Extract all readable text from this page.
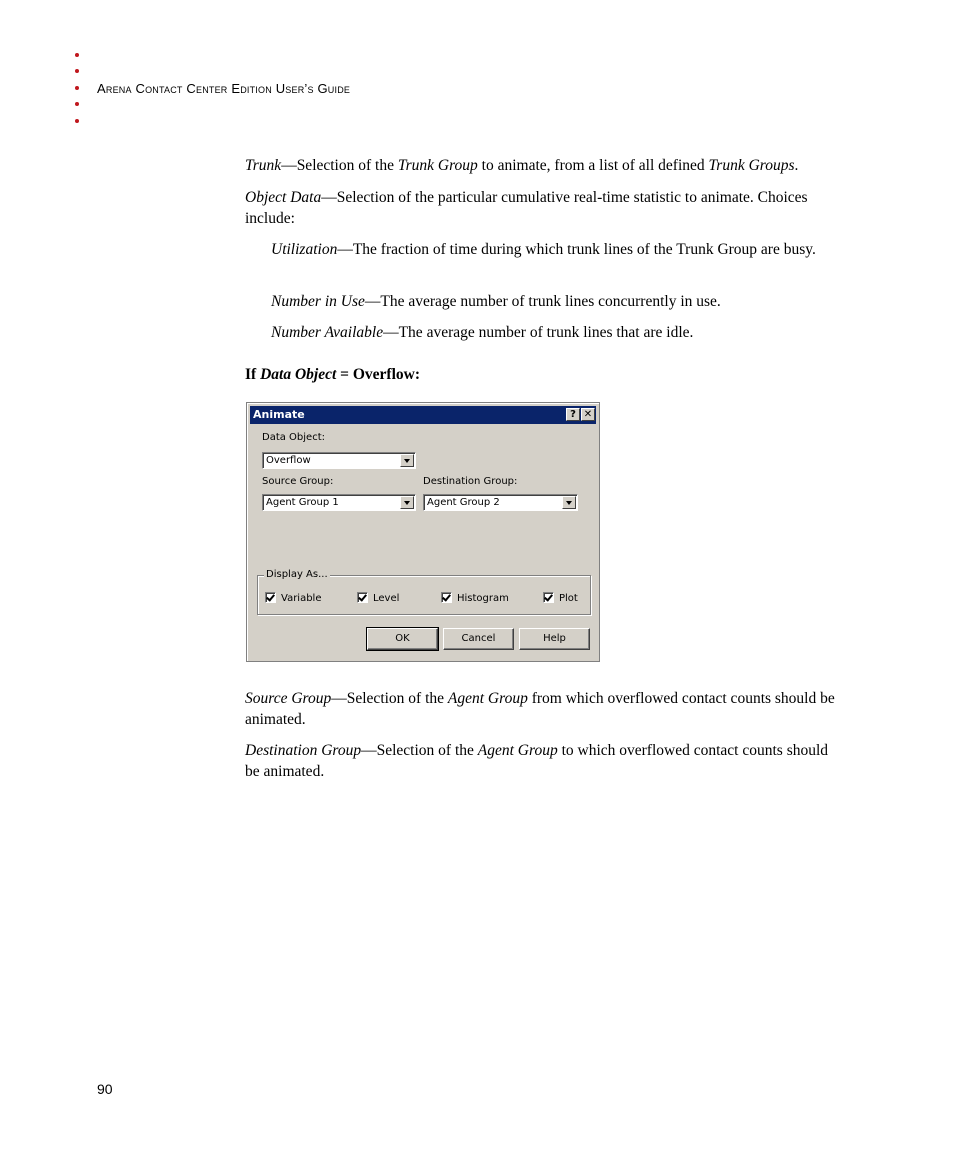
Arena Contact Center Edition User’s Guide
Trunk—Selection of the Trunk Group to animate, from a list of all defined Trunk Groups.
Object Data—Selection of the particular cumulative real-time statistic to animate. Choices include:
Utilization—The fraction of time during which trunk lines of the Trunk Group are busy.
Number in Use—The average number of trunk lines concurrently in use.
Number Available—The average number of trunk lines that are idle.
If Data Object = Overflow:
Animate	? ✕
Data Object:
Overflow
Source Group:
Agent Group 1
Destination Group:
Agent Group 2
Display As...
Variable	Level	Histogram	Plot
OK	Cancel	Help
Source Group—Selection of the Agent Group from which overflowed contact counts should be animated.
Destination Group—Selection of the Agent Group to which overflowed contact counts should be animated.
90
